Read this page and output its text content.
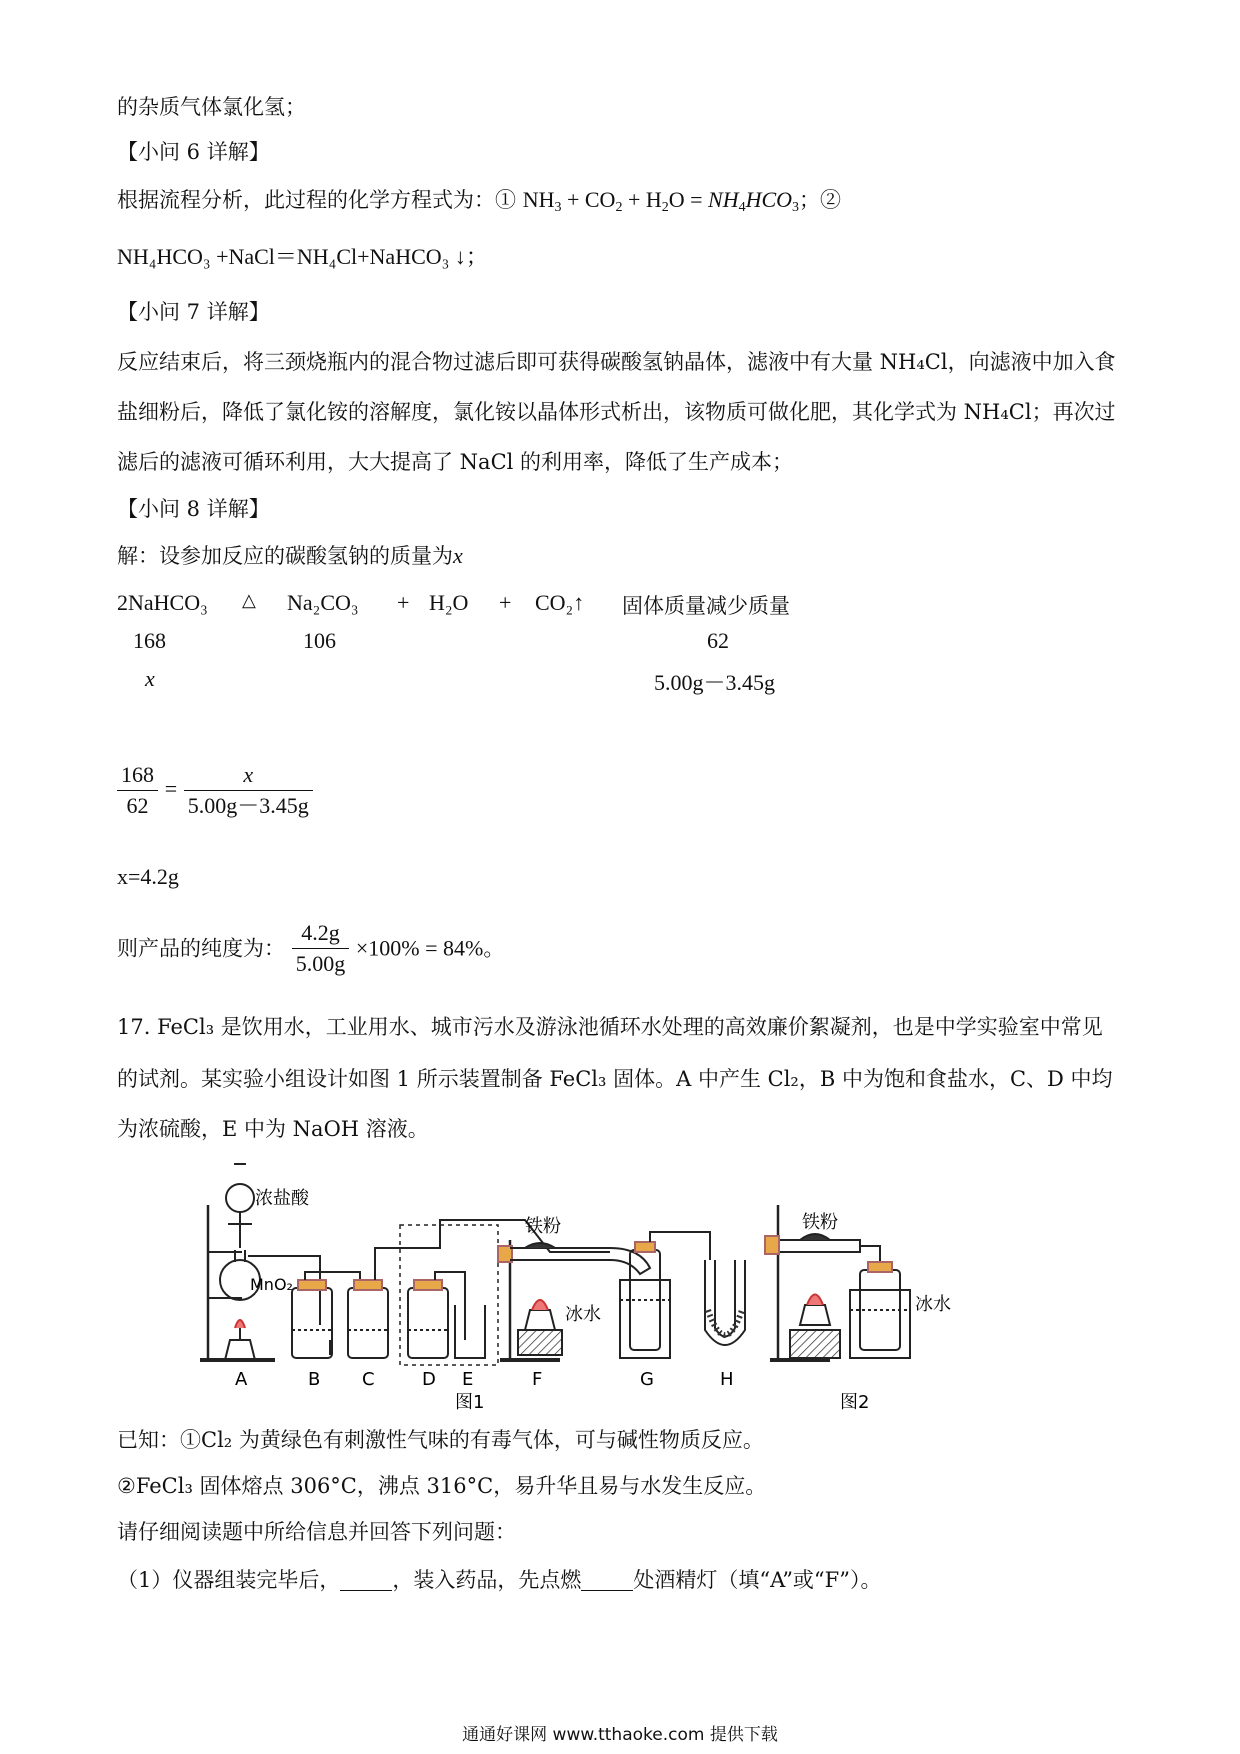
的杂质气体氯化氢；
【小问 6 详解】
根据流程分析，此过程的化学方程式为：① $NH_3 + CO_2 + H_2O = NH_4HCO_3$；②
NH₄HCO₃ +NaCl＝NH₄Cl+NaHCO₃ ↓；
【小问 7 详解】
反应结束后，将三颈烧瓶内的混合物过滤后即可获得碳酸氢钠晶体，滤液中有大量 NH₄Cl，向滤液中加入食
盐细粉后，降低了氯化铵的溶解度，氯化铵以晶体形式析出，该物质可做化肥，其化学式为 NH₄Cl；再次过
滤后的滤液可循环利用，大大提高了 NaCl 的利用率，降低了生产成本；
【小问 8 详解】
解：设参加反应的碳酸氢钠的质量为x
2NaHCO₃ △ Na₂CO₃ + H₂O + CO₂↑ 固体质量减少质量
168	106	62
x	5.00g－3.45g
$\frac{168}{62} = \frac{x}{5.00g-3.45g}$
x=4.2g
则产品的纯度为： $\frac{4.2g}{5.00g} \times 100\% = 84\%$。
17. FeCl₃ 是饮用水，工业用水、城市污水及游泳池循环水处理的高效廉价絮凝剂，也是中学实验室中常见
的试剂。某实验小组设计如图 1 所示装置制备 FeCl₃ 固体。A 中产生 Cl₂，B 中为饱和食盐水，C、D 中均
为浓硫酸，E 中为 NaOH 溶液。
浓盐酸
MnO₂
铁粉
冰水
铁粉
冰水
A	B C	D E	F	G	H
图1	图2
已知：①Cl₂ 为黄绿色有刺激性气味的有毒气体，可与碱性物质反应。
②FeCl₃ 固体熔点 306°C，沸点 316°C，易升华且易与水发生反应。
请仔细阅读题中所给信息并回答下列问题：
（1）仪器组装完毕后， ，装入药品，先点燃 处酒精灯（填“A”或“F”）。
通通好课网 www.tthaoke.com 提供下载
